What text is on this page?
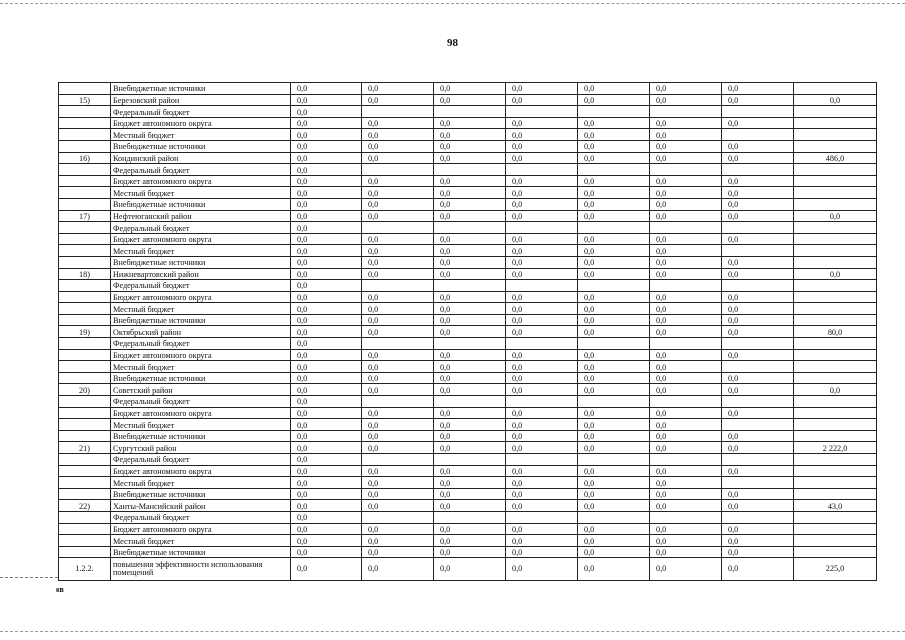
98
	Внебюджетные источники	0,0	0,0	0,0	0,0	0,0	0,0	0,0	
15)	Березовский район	0,0	0,0	0,0	0,0	0,0	0,0	0,0	0,0
	Федеральный бюджет	0,0							
	Бюджет автономного округа	0,0	0,0	0,0	0,0	0,0	0,0	0,0	
	Местный бюджет	0,0	0,0	0,0	0,0	0,0	0,0		
	Внебюджетные источники	0,0	0,0	0,0	0,0	0,0	0,0	0,0	
16)	Кондинский район	0,0	0,0	0,0	0,0	0,0	0,0	0,0	486,0
	Федеральный бюджет	0,0							
	Бюджет автономного округа	0,0	0,0	0,0	0,0	0,0	0,0	0,0	
	Местный бюджет	0,0	0,0	0,0	0,0	0,0	0,0	0,0	
	Внебюджетные источники	0,0	0,0	0,0	0,0	0,0	0,0	0,0	
17)	Нефтеюганский район	0,0	0,0	0,0	0,0	0,0	0,0	0,0	0,0
	Федеральный бюджет	0,0							
	Бюджет автономного округа	0,0	0,0	0,0	0,0	0,0	0,0	0,0	
	Местный бюджет	0,0	0,0	0,0	0,0	0,0	0,0		
	Внебюджетные источники	0,0	0,0	0,0	0,0	0,0	0,0	0,0	
18)	Нижневартовский район	0,0	0,0	0,0	0,0	0,0	0,0	0,0	0,0
	Федеральный бюджет	0,0							
	Бюджет автономного округа	0,0	0,0	0,0	0,0	0,0	0,0	0,0	
	Местный бюджет	0,0	0,0	0,0	0,0	0,0	0,0	0,0	
	Внебюджетные источники	0,0	0,0	0,0	0,0	0,0	0,0	0,0	
19)	Октябрьский район	0,0	0,0	0,0	0,0	0,0	0,0	0,0	80,0
	Федеральный бюджет	0,0							
	Бюджет автономного округа	0,0	0,0	0,0	0,0	0,0	0,0	0,0	
	Местный бюджет	0,0	0,0	0,0	0,0	0,0	0,0		
	Внебюджетные источники	0,0	0,0	0,0	0,0	0,0	0,0	0,0	
20)	Советский район	0,0	0,0	0,0	0,0	0,0	0,0	0,0	0,0
	Федеральный бюджет	0,0							
	Бюджет автономного округа	0,0	0,0	0,0	0,0	0,0	0,0	0,0	
	Местный бюджет	0,0	0,0	0,0	0,0	0,0	0,0		
	Внебюджетные источники	0,0	0,0	0,0	0,0	0,0	0,0	0,0	
21)	Сургутский район	0,0	0,0	0,0	0,0	0,0	0,0	0,0	2 222,0
	Федеральный бюджет	0,0							
	Бюджет автономного округа	0,0	0,0	0,0	0,0	0,0	0,0	0,0	
	Местный бюджет	0,0	0,0	0,0	0,0	0,0	0,0		
	Внебюджетные источники	0,0	0,0	0,0	0,0	0,0	0,0	0,0	
22)	Ханты-Мансийский район	0,0	0,0	0,0	0,0	0,0	0,0	0,0	43,0
	Федеральный бюджет	0,0							
	Бюджет автономного округа	0,0	0,0	0,0	0,0	0,0	0,0	0,0	
	Местный бюджет	0,0	0,0	0,0	0,0	0,0	0,0	0,0	
	Внебюджетные источники	0,0	0,0	0,0	0,0	0,0	0,0	0,0	
1.2.2.	повышения эффективности использования помещений	0,0	0,0	0,0	0,0	0,0	0,0	0,0	225,0
кв
